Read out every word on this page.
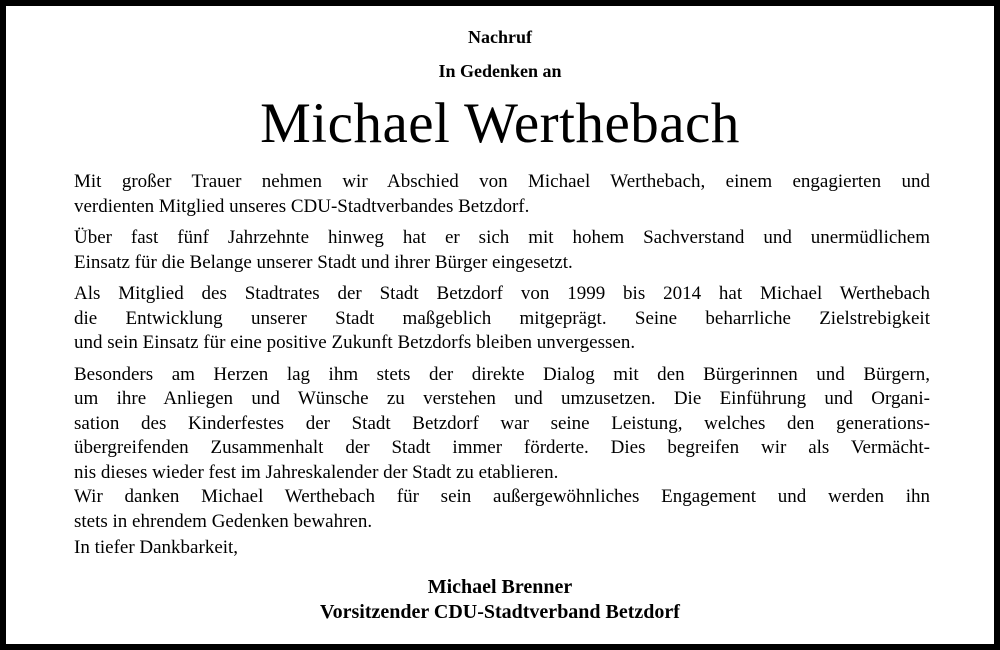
Nachruf
In Gedenken an
Michael Werthebach

Mit großer Trauer nehmen wir Abschied von Michael Werthebach, einem engagierten und
verdienten Mitglied unseres CDU-Stadtverbandes Betzdorf.

Über fast fünf Jahrzehnte hinweg hat er sich mit hohem Sachverstand und unermüdlichem
Einsatz für die Belange unserer Stadt und ihrer Bürger eingesetzt.

Als Mitglied des Stadtrates der Stadt Betzdorf von 1999 bis 2014 hat Michael Werthebach
die Entwicklung unserer Stadt maßgeblich mitgeprägt. Seine beharrliche Zielstrebigkeit
und sein Einsatz für eine positive Zukunft Betzdorfs bleiben unvergessen.

Besonders am Herzen lag ihm stets der direkte Dialog mit den Bürgerinnen und Bürgern,
um ihre Anliegen und Wünsche zu verstehen und umzusetzen. Die Einführung und Organi-
sation des Kinderfestes der Stadt Betzdorf war seine Leistung, welches den generations-
übergreifenden Zusammenhalt der Stadt immer förderte. Dies begreifen wir als Vermächt-
nis dieses wieder fest im Jahreskalender der Stadt zu etablieren.

Wir danken Michael Werthebach für sein außergewöhnliches Engagement und werden ihn
stets in ehrendem Gedenken bewahren.

In tiefer Dankbarkeit,

Michael Brenner
Vorsitzender CDU-Stadtverband Betzdorf
